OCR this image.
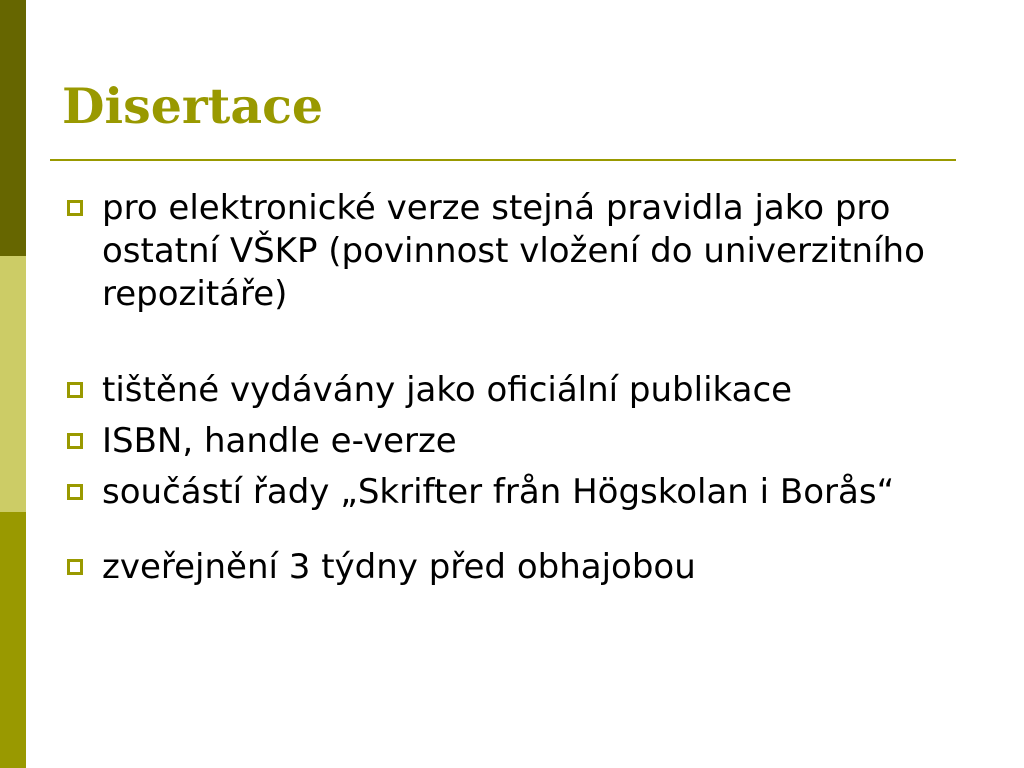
Disertace
pro elektronické verze stejná pravidla jako pro ostatní VŠKP (povinnost vložení do univerzitního repozitáře)
tištěné vydávány jako oficiální publikace
ISBN, handle e-verze
součástí řady „Skrifter från Högskolan i Borås“
zveřejnění 3 týdny před obhajobou
